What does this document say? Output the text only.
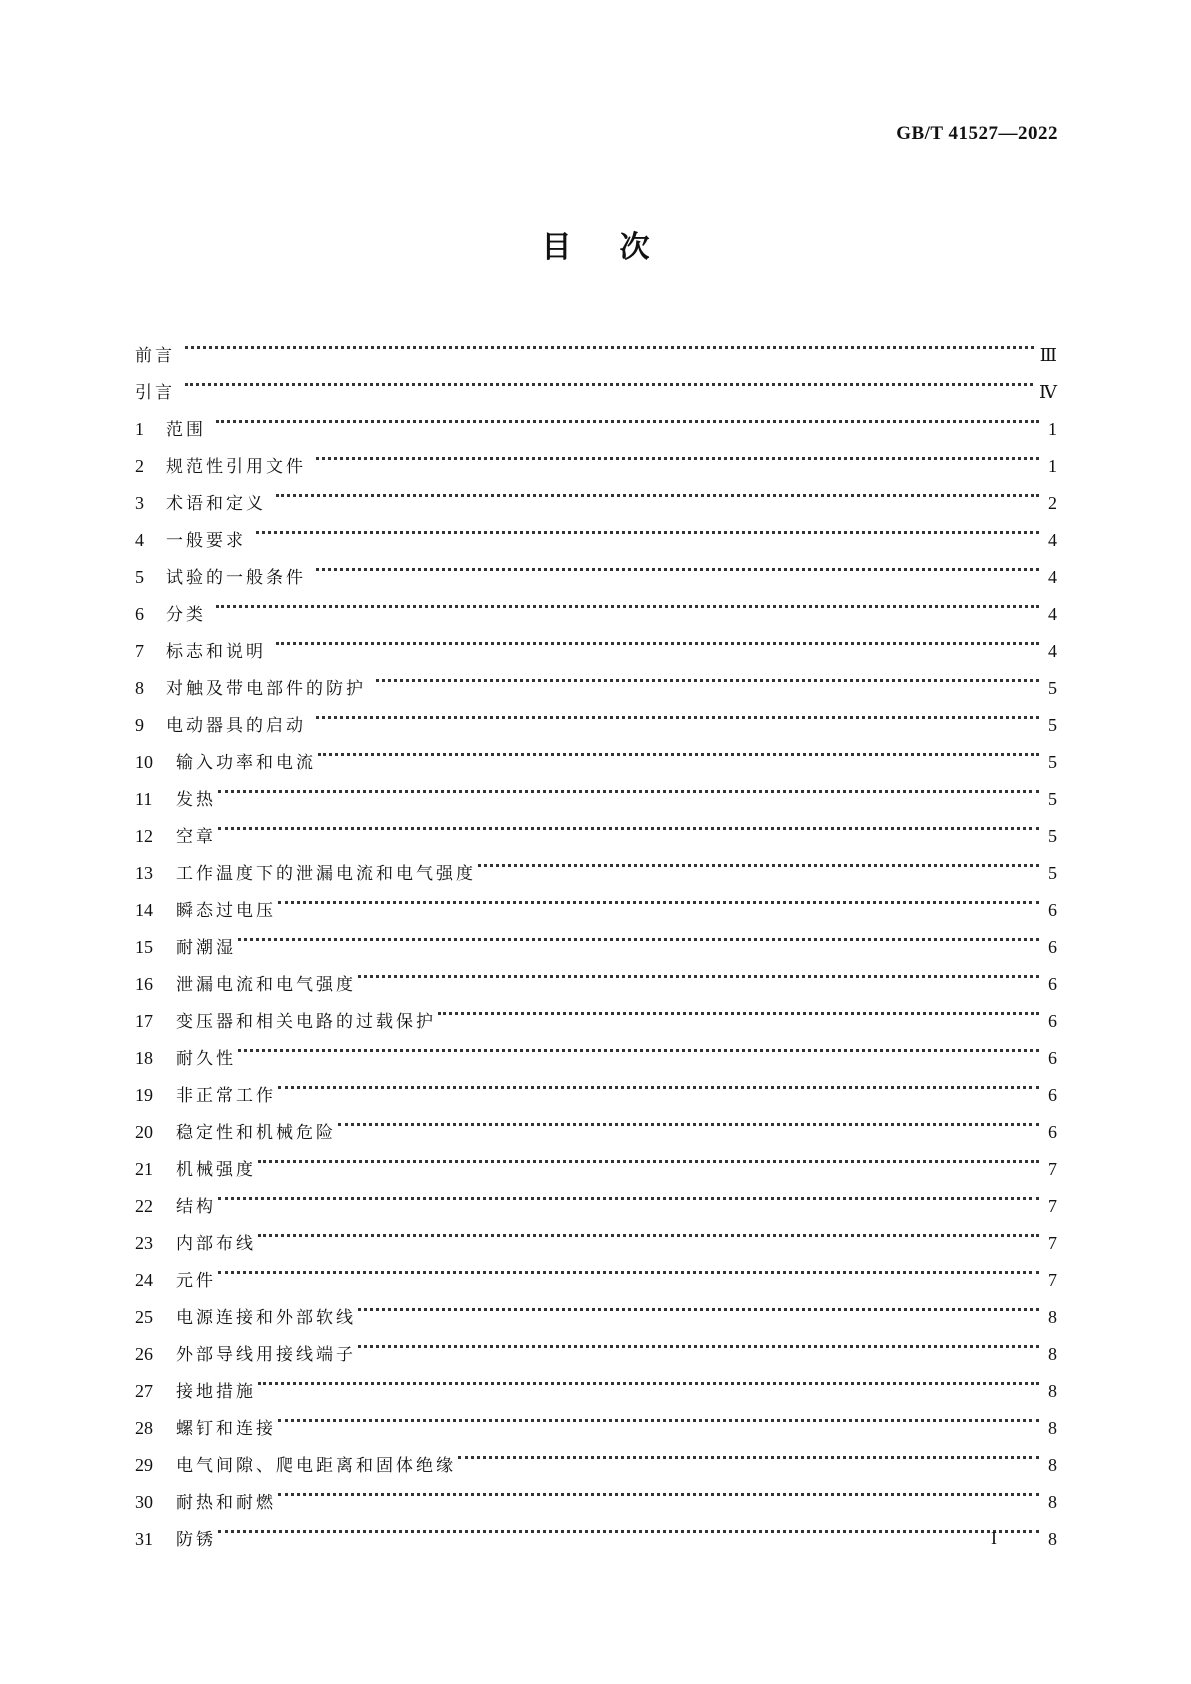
GB/T 41527—2022
目次
前言	Ⅲ
引言	Ⅳ
1	范围	1
2	规范性引用文件	1
3	术语和定义	2
4	一般要求	4
5	试验的一般条件	4
6	分类	4
7	标志和说明	4
8	对触及带电部件的防护	5
9	电动器具的启动	5
10	输入功率和电流	5
11	发热	5
12	空章	5
13	工作温度下的泄漏电流和电气强度	5
14	瞬态过电压	6
15	耐潮湿	6
16	泄漏电流和电气强度	6
17	变压器和相关电路的过载保护	6
18	耐久性	6
19	非正常工作	6
20	稳定性和机械危险	6
21	机械强度	7
22	结构	7
23	内部布线	7
24	元件	7
25	电源连接和外部软线	8
26	外部导线用接线端子	8
27	接地措施	8
28	螺钉和连接	8
29	电气间隙、爬电距离和固体绝缘	8
30	耐热和耐燃	8
31	防锈	8
I
